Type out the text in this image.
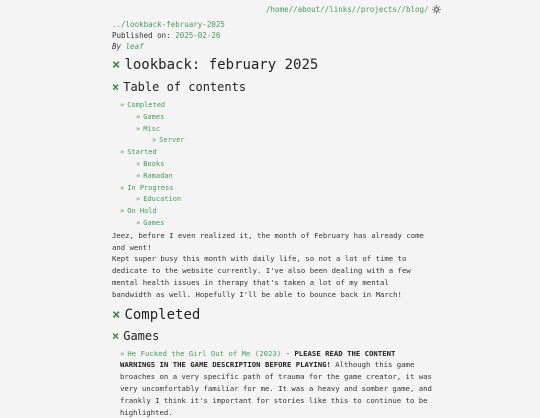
/home/ /about/ /links/ /projects/ /blog/

../lookback-february-2025

Published on: 2025-02-26

By leaf

× lookback: february 2025
× Table of contents
» Completed
» Games
» Misc
» Server
» Started
» Books
» Ramadan
» In Progress
» Education
» On Hold
» Games

Jeez, before I even realized it, the month of February has already come and went!

Kept super busy this month with daily life, so not a lot of time to dedicate to the website currently. I've also been dealing with a few mental health issues in therapy that's taken a lot of my mental bandwidth as well. Hopefully I'll be able to bounce back in March!

× Completed
× Games
» He Fucked the Girl Out of Me (2023) - PLEASE READ THE CONTENT WARNINGS IN THE GAME DESCRIPTION BEFORE PLAYING! Although this game broaches on a very specific path of trauma for the game creator, it was very uncomfortably familiar for me. It was a heavy and somber game, and frankly I think it's important for stories like this to continue to be highlighted.
